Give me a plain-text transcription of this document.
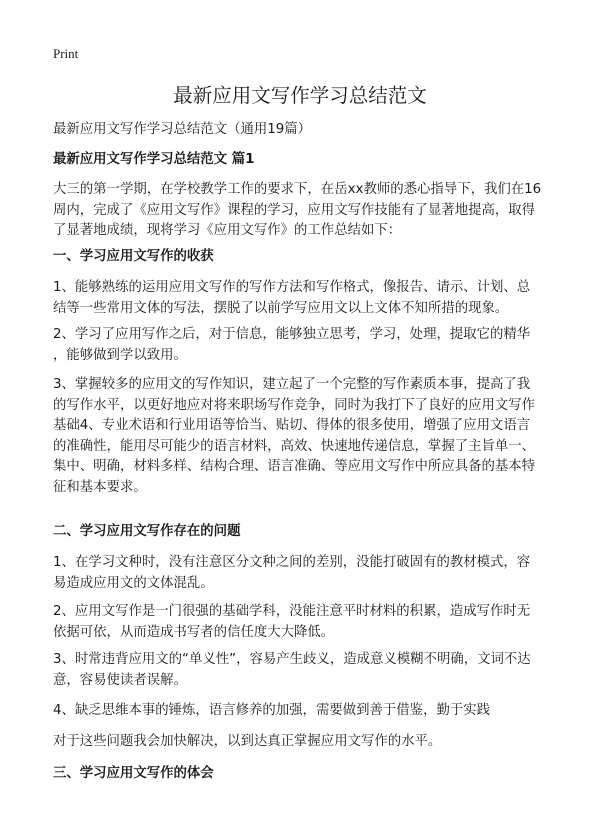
Print
最新应用文写作学习总结范文
最新应用文写作学习总结范文（通用19篇）
最新应用文写作学习总结范文 篇1
大三的第一学期，在学校教学工作的要求下，在岳xx教师的悉心指导下，我们在16
周内，完成了《应用文写作》课程的学习，应用文写作技能有了显著地提高，取得
了显著地成绩，现将学习《应用文写作》的工作总结如下：
一、学习应用文写作的收获
1、能够熟练的运用应用文写作的写作方法和写作格式，像报告、请示、计划、总
结等一些常用文体的写法，摆脱了以前学写应用文以上文体不知所措的现象。
2、学习了应用写作之后，对于信息，能够独立思考，学习，处理，提取它的精华
，能够做到学以致用。
3、掌握较多的应用文的写作知识，建立起了一个完整的写作素质本事，提高了我
的写作水平，以更好地应对将来职场写作竞争，同时为我打下了良好的应用文写作
基础4、专业术语和行业用语等恰当、贴切、得体的很多使用，增强了应用文语言
的准确性，能用尽可能少的语言材料，高效、快速地传递信息，掌握了主旨单一、
集中、明确，材料多样、结构合理、语言准确、等应用文写作中所应具备的基本特
征和基本要求。
二、学习应用文写作存在的问题
1、在学习文种时，没有注意区分文种之间的差别，没能打破固有的教材模式，容
易造成应用文的文体混乱。
2、应用文写作是一门很强的基础学科，没能注意平时材料的积累，造成写作时无
依据可依，从而造成书写者的信任度大大降低。
3、时常违背应用文的“单义性”，容易产生歧义，造成意义模糊不明确，文词不达
意，容易使读者误解。
4、缺乏思维本事的锤炼，语言修养的加强，需要做到善于借鉴，勤于实践
对于这些问题我会加快解决，以到达真正掌握应用文写作的水平。
三、学习应用文写作的体会
